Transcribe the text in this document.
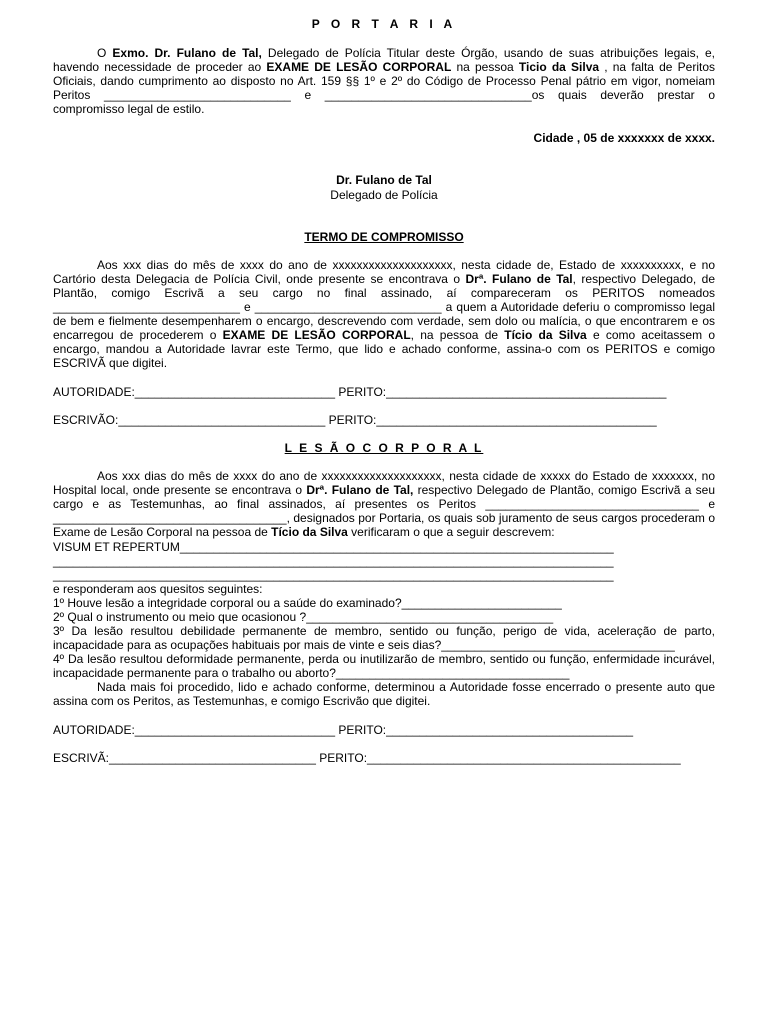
P O R T A R I A
O Exmo. Dr. Fulano de Tal, Delegado de Polícia Titular deste Órgão, usando de suas atribuições legais, e, havendo necessidade de proceder ao EXAME DE LESÃO CORPORAL na pessoa Ticio da Silva , na falta de Peritos Oficiais, dando cumprimento ao disposto no Art. 159 §§ 1º e 2º do Código de Processo Penal pátrio em vigor, nomeiam Peritos ____________________________ e _______________________________os quais deverão prestar o compromisso legal de estilo.
Cidade , 05 de xxxxxxx de xxxx.
Dr. Fulano de Tal
Delegado de Polícia
TERMO DE COMPROMISSO
Aos xxx dias do mês de xxxx do ano de xxxxxxxxxxxxxxxxxxxx, nesta cidade de, Estado de xxxxxxxxxx, e no Cartório desta Delegacia de Polícia Civil, onde presente se encontrava o Drª. Fulano de Tal, respectivo Delegado, de Plantão, comigo Escrivã a seu cargo no final assinado, aí compareceram os PERITOS nomeados ____________________________ e ____________________________ a quem a Autoridade deferiu o compromisso legal de bem e fielmente desempenharem o encargo, descrevendo com verdade, sem dolo ou malícia, o que encontrarem e os encarregou de procederem o EXAME DE LESÃO CORPORAL, na pessoa de Tício da Silva e como aceitassem o encargo, mandou a Autoridade lavrar este Termo, que lido e achado conforme, assina-o com os PERITOS e comigo ESCRIVÃ que digitei.
AUTORIDADE:______________________________ PERITO:__________________________________________
ESCRIVÃO:_______________________________ PERITO:__________________________________________
L E S Ã O C O R P O R A L
Aos xxx dias do mês de xxxx do ano de xxxxxxxxxxxxxxxxxxxx, nesta cidade de xxxxx do Estado de xxxxxxx, no Hospital local, onde presente se encontrava o Drª. Fulano de Tal, respectivo Delegado de Plantão, comigo Escrivã a seu cargo e as Testemunhas, ao final assinados, aí presentes os Peritos ________________________________ e ___________________________________, designados por Portaria, os quais sob juramento de seus cargos procederam o Exame de Lesão Corporal na pessoa de Tício da Silva verificaram o que a seguir descrevem:
VISUM ET REPERTUM_________________________________________________________________
____________________________________________________________________________________
____________________________________________________________________________________
e responderam aos quesitos seguintes:
1º Houve lesão a integridade corporal ou a saúde do examinado?________________________
2º Qual o instrumento ou meio que ocasionou ?_____________________________________
3º Da lesão resultou debilidade permanente de membro, sentido ou função, perigo de vida, aceleração de parto, incapacidade para as ocupações habituais por mais de vinte e seis dias?___________________________________
4º Da lesão resultou deformidade permanente, perda ou inutilizarão de membro, sentido ou função, enfermidade incurável, incapacidade permanente para o trabalho ou aborto?___________________________________
Nada mais foi procedido, lido e achado conforme, determinou a Autoridade fosse encerrado o presente auto que assina com os Peritos, as Testemunhas, e comigo Escrivão que digitei.
AUTORIDADE:______________________________ PERITO:_____________________________________
ESCRIVÃ:_______________________________ PERITO:_______________________________________________
